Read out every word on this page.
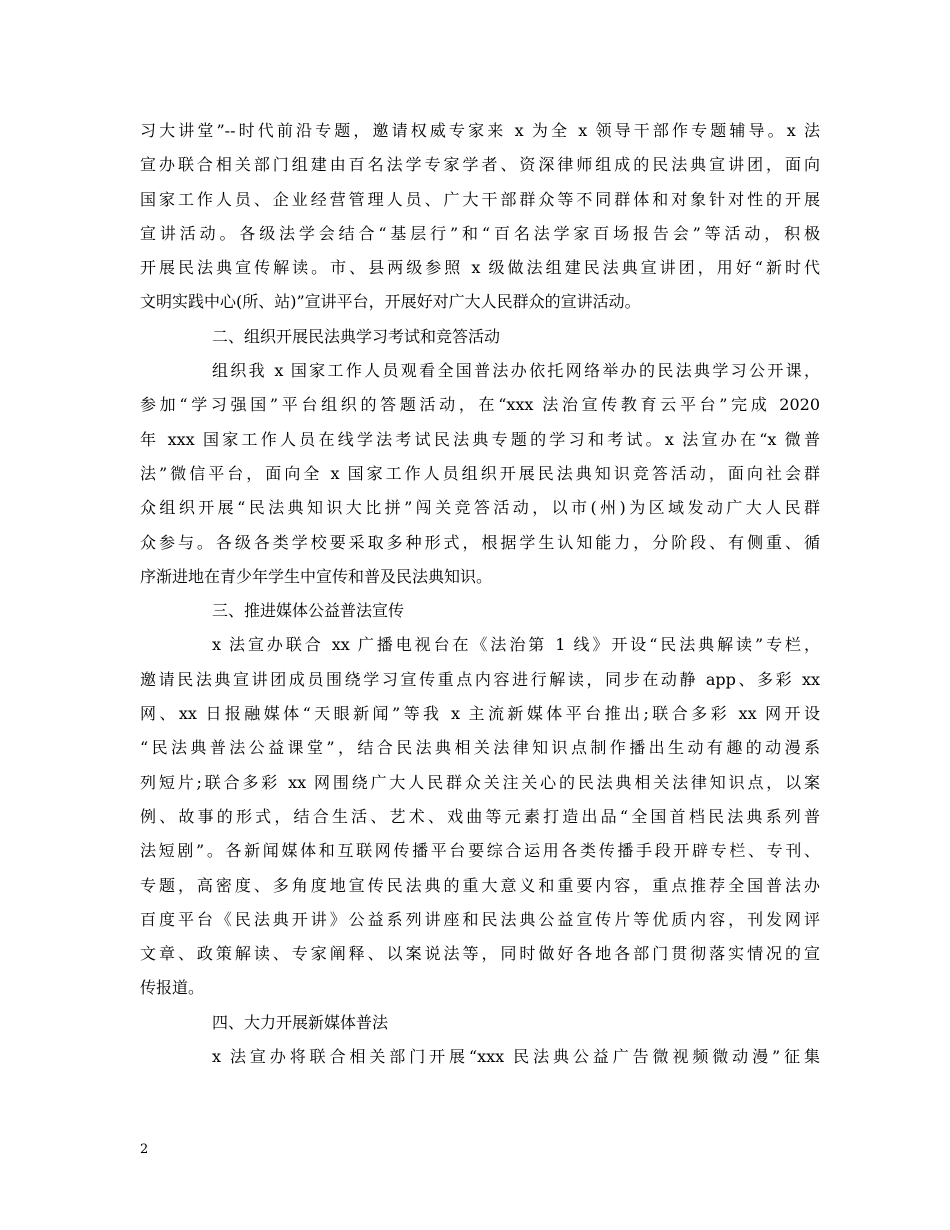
习大讲堂”--时代前沿专题，邀请权威专家来 x 为全 x 领导干部作专题辅导。x 法
宣办联合相关部门组建由百名法学专家学者、资深律师组成的民法典宣讲团，面向
国家工作人员、企业经营管理人员、广大干部群众等不同群体和对象针对性的开展
宣讲活动。各级法学会结合“基层行”和“百名法学家百场报告会”等活动，积极
开展民法典宣传解读。市、县两级参照 x 级做法组建民法典宣讲团，用好“新时代
文明实践中心(所、站)”宣讲平台，开展好对广大人民群众的宣讲活动。
二、组织开展民法典学习考试和竞答活动
组织我 x 国家工作人员观看全国普法办依托网络举办的民法典学习公开课，
参加“学习强国”平台组织的答题活动，在“xxx 法治宣传教育云平台”完成 2020
年 xxx 国家工作人员在线学法考试民法典专题的学习和考试。x 法宣办在“x 微普
法”微信平台，面向全 x 国家工作人员组织开展民法典知识竞答活动，面向社会群
众组织开展“民法典知识大比拼”闯关竞答活动，以市(州)为区域发动广大人民群
众参与。各级各类学校要采取多种形式，根据学生认知能力，分阶段、有侧重、循
序渐进地在青少年学生中宣传和普及民法典知识。
三、推进媒体公益普法宣传
x 法宣办联合 xx 广播电视台在《法治第 1 线》开设“民法典解读”专栏，
邀请民法典宣讲团成员围绕学习宣传重点内容进行解读，同步在动静 app、多彩 xx
网、xx 日报融媒体“天眼新闻”等我 x 主流新媒体平台推出;联合多彩 xx 网开设
“民法典普法公益课堂”，结合民法典相关法律知识点制作播出生动有趣的动漫系
列短片;联合多彩 xx 网围绕广大人民群众关注关心的民法典相关法律知识点，以案
例、故事的形式，结合生活、艺术、戏曲等元素打造出品“全国首档民法典系列普
法短剧”。各新闻媒体和互联网传播平台要综合运用各类传播手段开辟专栏、专刊、
专题，高密度、多角度地宣传民法典的重大意义和重要内容，重点推荐全国普法办
百度平台《民法典开讲》公益系列讲座和民法典公益宣传片等优质内容，刊发网评
文章、政策解读、专家阐释、以案说法等，同时做好各地各部门贯彻落实情况的宣
传报道。
四、大力开展新媒体普法
x 法宣办将联合相关部门开展“xxx 民法典公益广告微视频微动漫”征集
2
